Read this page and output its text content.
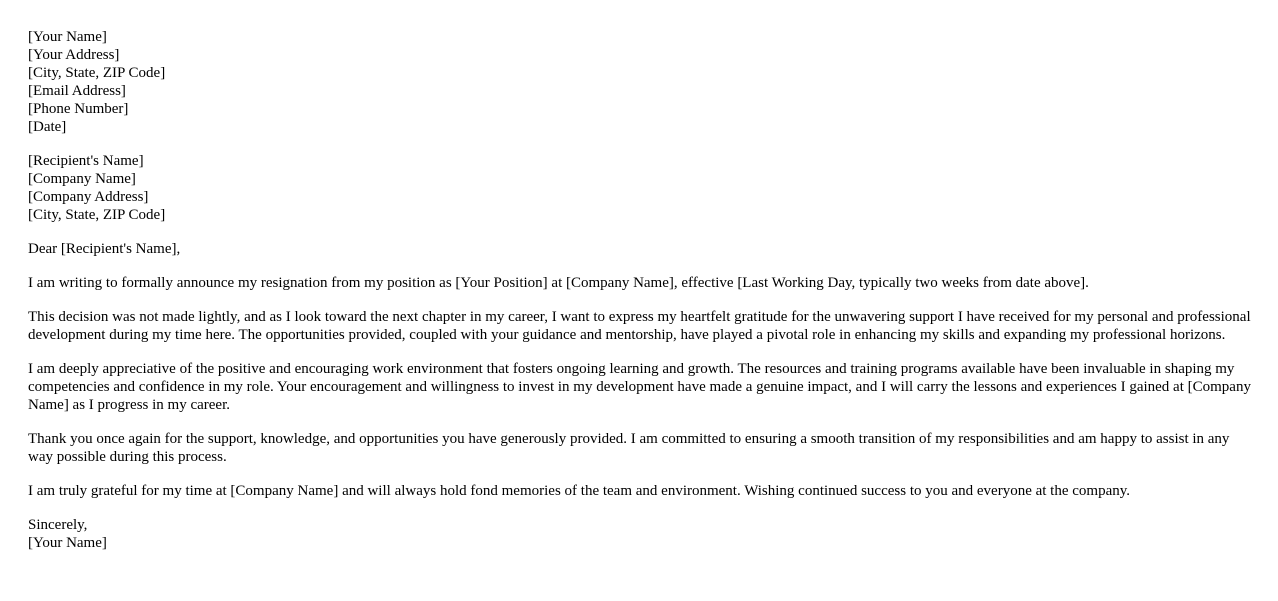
[Your Name]
[Your Address]
[City, State, ZIP Code]
[Email Address]
[Phone Number]
[Date]
[Recipient's Name]
[Company Name]
[Company Address]
[City, State, ZIP Code]

Dear [Recipient's Name],

I am writing to formally announce my resignation from my position as [Your Position] at [Company Name], effective [Last Working Day, typically two weeks from date above].

This decision was not made lightly, and as I look toward the next chapter in my career, I want to express my heartfelt gratitude for the unwavering support I have received for my personal and professional development during my time here. The opportunities provided, coupled with your guidance and mentorship, have played a pivotal role in enhancing my skills and expanding my professional horizons.

I am deeply appreciative of the positive and encouraging work environment that fosters ongoing learning and growth. The resources and training programs available have been invaluable in shaping my competencies and confidence in my role. Your encouragement and willingness to invest in my development have made a genuine impact, and I will carry the lessons and experiences I gained at [Company Name] as I progress in my career.

Thank you once again for the support, knowledge, and opportunities you have generously provided. I am committed to ensuring a smooth transition of my responsibilities and am happy to assist in any way possible during this process.

I am truly grateful for my time at [Company Name] and will always hold fond memories of the team and environment. Wishing continued success to you and everyone at the company.

Sincerely,
[Your Name]
